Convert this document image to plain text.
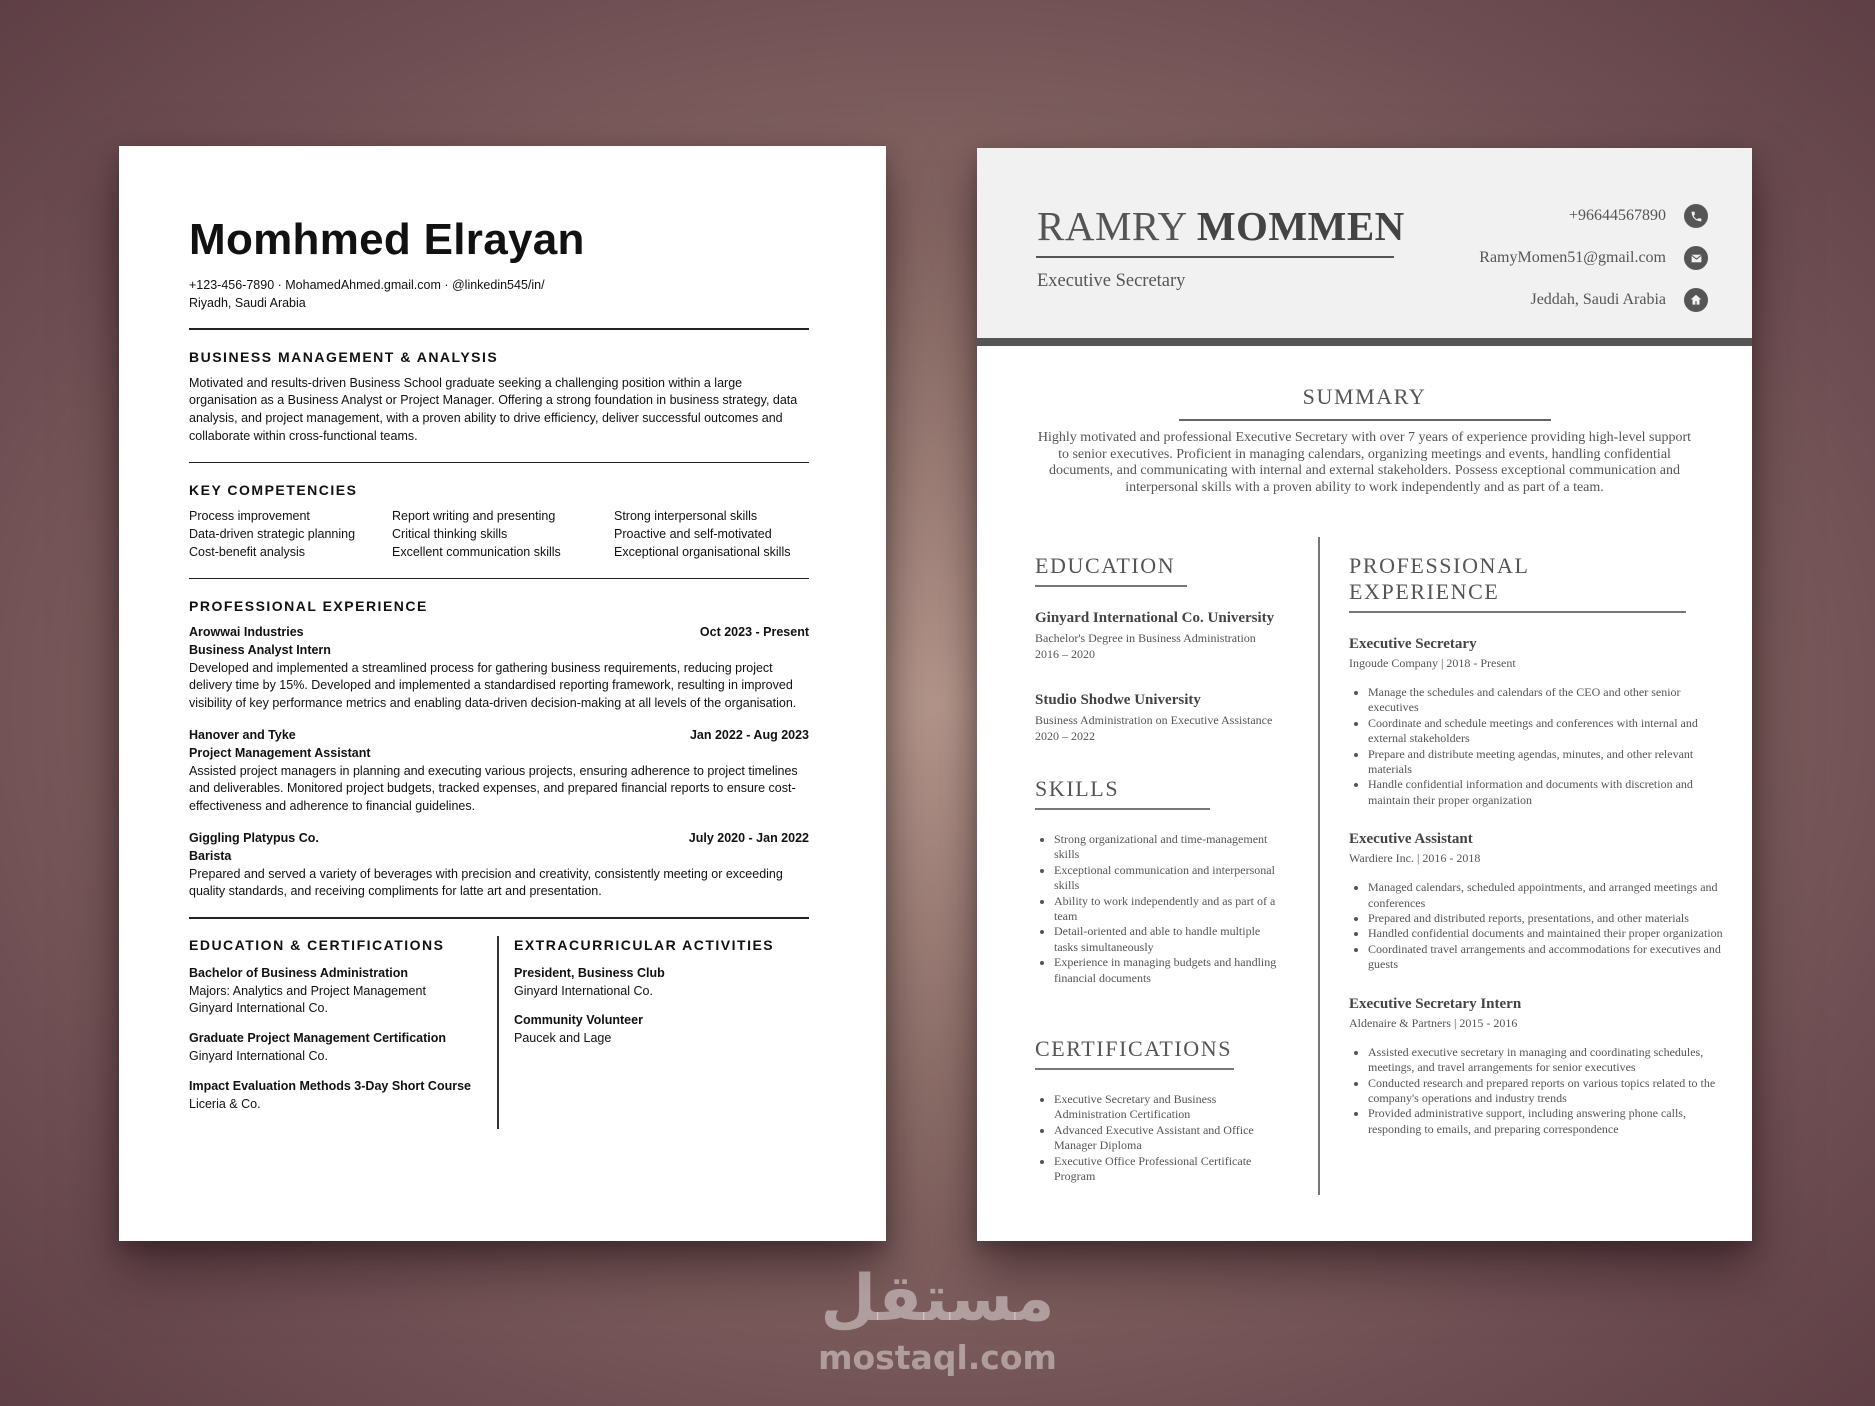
Momhmed Elrayan
+123-456-7890 · MohamedAhmed.gmail.com · @linkedin545/in/
Riyadh, Saudi Arabia
BUSINESS MANAGEMENT & ANALYSIS
Motivated and results-driven Business School graduate seeking a challenging position within a large organisation as a Business Analyst or Project Manager. Offering a strong foundation in business strategy, data analysis, and project management, with a proven ability to drive efficiency, deliver successful outcomes and collaborate within cross-functional teams.
KEY COMPETENCIES
Process improvement	Report writing and presenting	Strong interpersonal skills
Data-driven strategic planning	Critical thinking skills	Proactive and self-motivated
Cost-benefit analysis	Excellent communication skills	Exceptional organisational skills
PROFESSIONAL EXPERIENCE
Arowwai Industries	Oct 2023 - Present
Business Analyst Intern
Developed and implemented a streamlined process for gathering business requirements, reducing project delivery time by 15%. Developed and implemented a standardised reporting framework, resulting in improved visibility of key performance metrics and enabling data-driven decision-making at all levels of the organisation.
Hanover and Tyke	Jan 2022 - Aug 2023
Project Management Assistant
Assisted project managers in planning and executing various projects, ensuring adherence to project timelines and deliverables. Monitored project budgets, tracked expenses, and prepared financial reports to ensure cost-effectiveness and adherence to financial guidelines.
Giggling Platypus Co.	July 2020 - Jan 2022
Barista
Prepared and served a variety of beverages with precision and creativity, consistently meeting or exceeding quality standards, and receiving compliments for latte art and presentation.
EDUCATION & CERTIFICATIONS
Bachelor of Business Administration
Majors: Analytics and Project Management
Ginyard International Co.
Graduate Project Management Certification
Ginyard International Co.
Impact Evaluation Methods 3-Day Short Course
Liceria & Co.
EXTRACURRICULAR ACTIVITIES
President, Business Club
Ginyard International Co.
Community Volunteer
Paucek and Lage
RAMRY MOMMEN
Executive Secretary
+96644567890
RamyMomen51@gmail.com
Jeddah, Saudi Arabia
SUMMARY
Highly motivated and professional Executive Secretary with over 7 years of experience providing high-level support to senior executives. Proficient in managing calendars, organizing meetings and events, handling confidential documents, and communicating with internal and external stakeholders. Possess exceptional communication and interpersonal skills with a proven ability to work independently and as part of a team.
EDUCATION
Ginyard International Co. University
Bachelor's Degree in Business Administration
2016 – 2020
Studio Shodwe University
Business Administration on Executive Assistance
2020 – 2022
SKILLS
• Strong organizational and time-management skills
• Exceptional communication and interpersonal skills
• Ability to work independently and as part of a team
• Detail-oriented and able to handle multiple tasks simultaneously
• Experience in managing budgets and handling financial documents
CERTIFICATIONS
• Executive Secretary and Business Administration Certification
• Advanced Executive Assistant and Office Manager Diploma
• Executive Office Professional Certificate Program
PROFESSIONAL EXPERIENCE
Executive Secretary
Ingoude Company | 2018 - Present
• Manage the schedules and calendars of the CEO and other senior executives
• Coordinate and schedule meetings and conferences with internal and external stakeholders
• Prepare and distribute meeting agendas, minutes, and other relevant materials
• Handle confidential information and documents with discretion and maintain their proper organization
Executive Assistant
Wardiere Inc. | 2016 - 2018
• Managed calendars, scheduled appointments, and arranged meetings and conferences
• Prepared and distributed reports, presentations, and other materials
• Handled confidential documents and maintained their proper organization
• Coordinated travel arrangements and accommodations for executives and guests
Executive Secretary Intern
Aldenaire & Partners | 2015 - 2016
• Assisted executive secretary in managing and coordinating schedules, meetings, and travel arrangements for senior executives
• Conducted research and prepared reports on various topics related to the company's operations and industry trends
• Provided administrative support, including answering phone calls, responding to emails, and preparing correspondence
مستقل
mostaql.com
